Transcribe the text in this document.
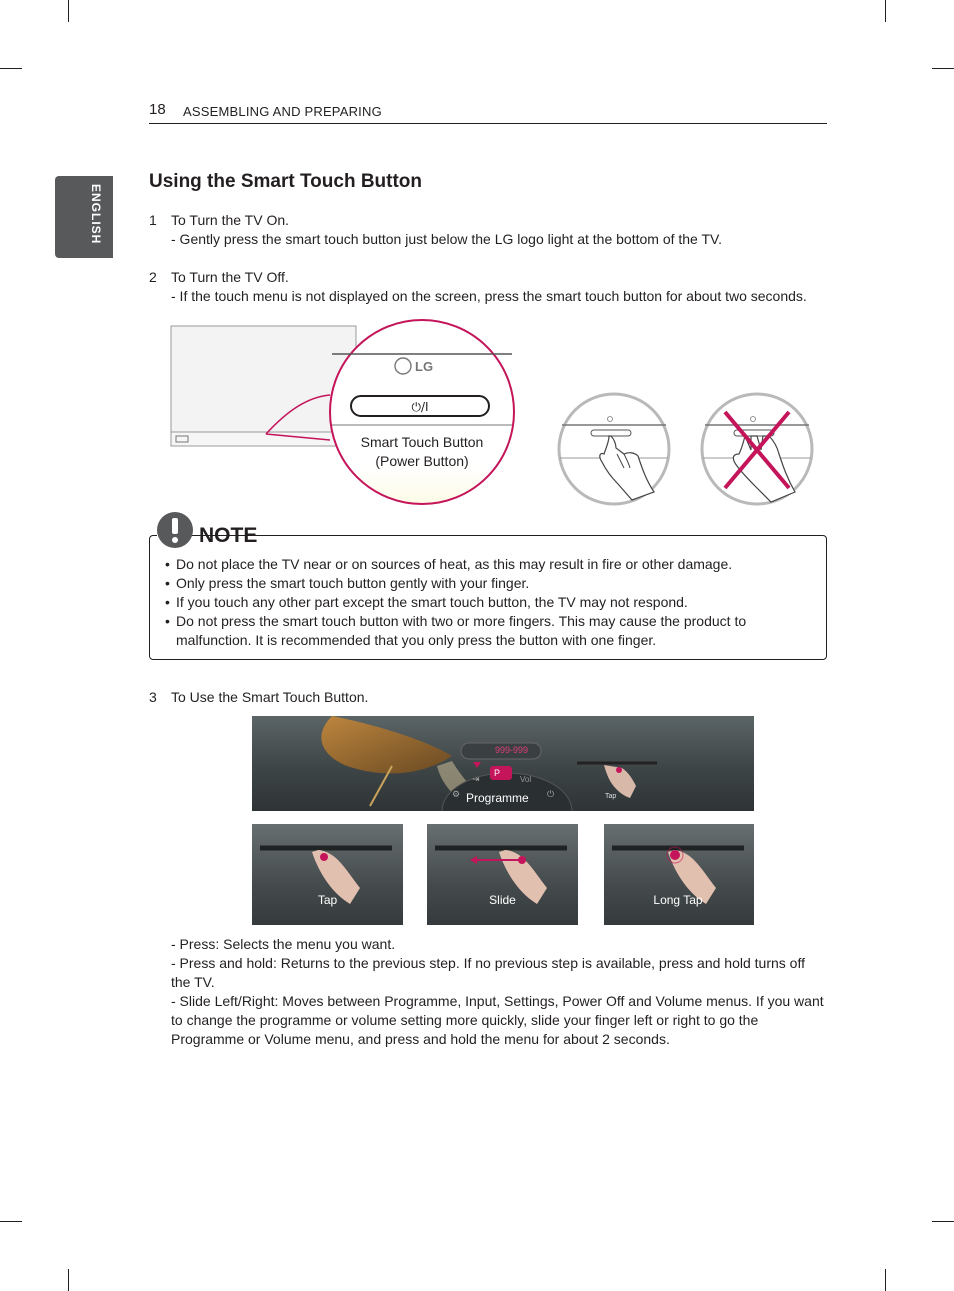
18 ASSEMBLING AND PREPARING
ENGLISH
Using the Smart Touch Button
1 To Turn the TV On.
- Gently press the smart touch button just below the LG logo light at the bottom of the TV.
2 To Turn the TV Off.
- If the touch menu is not displayed on the screen, press the smart touch button for about two seconds.
LG
⏻/I
Smart Touch Button
(Power Button)
NOTE
• Do not place the TV near or on sources of heat, as this may result in fire or other damage.
• Only press the smart touch button gently with your finger.
• If you touch any other part except the smart touch button, the TV may not respond.
• Do not press the smart touch button with two or more fingers. This may cause the product to malfunction. It is recommended that you only press the button with one finger.
3 To Use the Smart Touch Button.
999-999
P
Vol
⇥
⚙	⏻
Programme	Tap
Tap	Slide	Long Tap

- Press: Selects the menu you want.

- Press and hold: Returns to the previous step. If no previous step is available, press and hold turns off the TV.

- Slide Left/Right: Moves between Programme, Input, Settings, Power Off and Volume menus. If you want to change the programme or volume setting more quickly, slide your finger left or right to go the Programme or Volume menu, and press and hold the menu for about 2 seconds.
